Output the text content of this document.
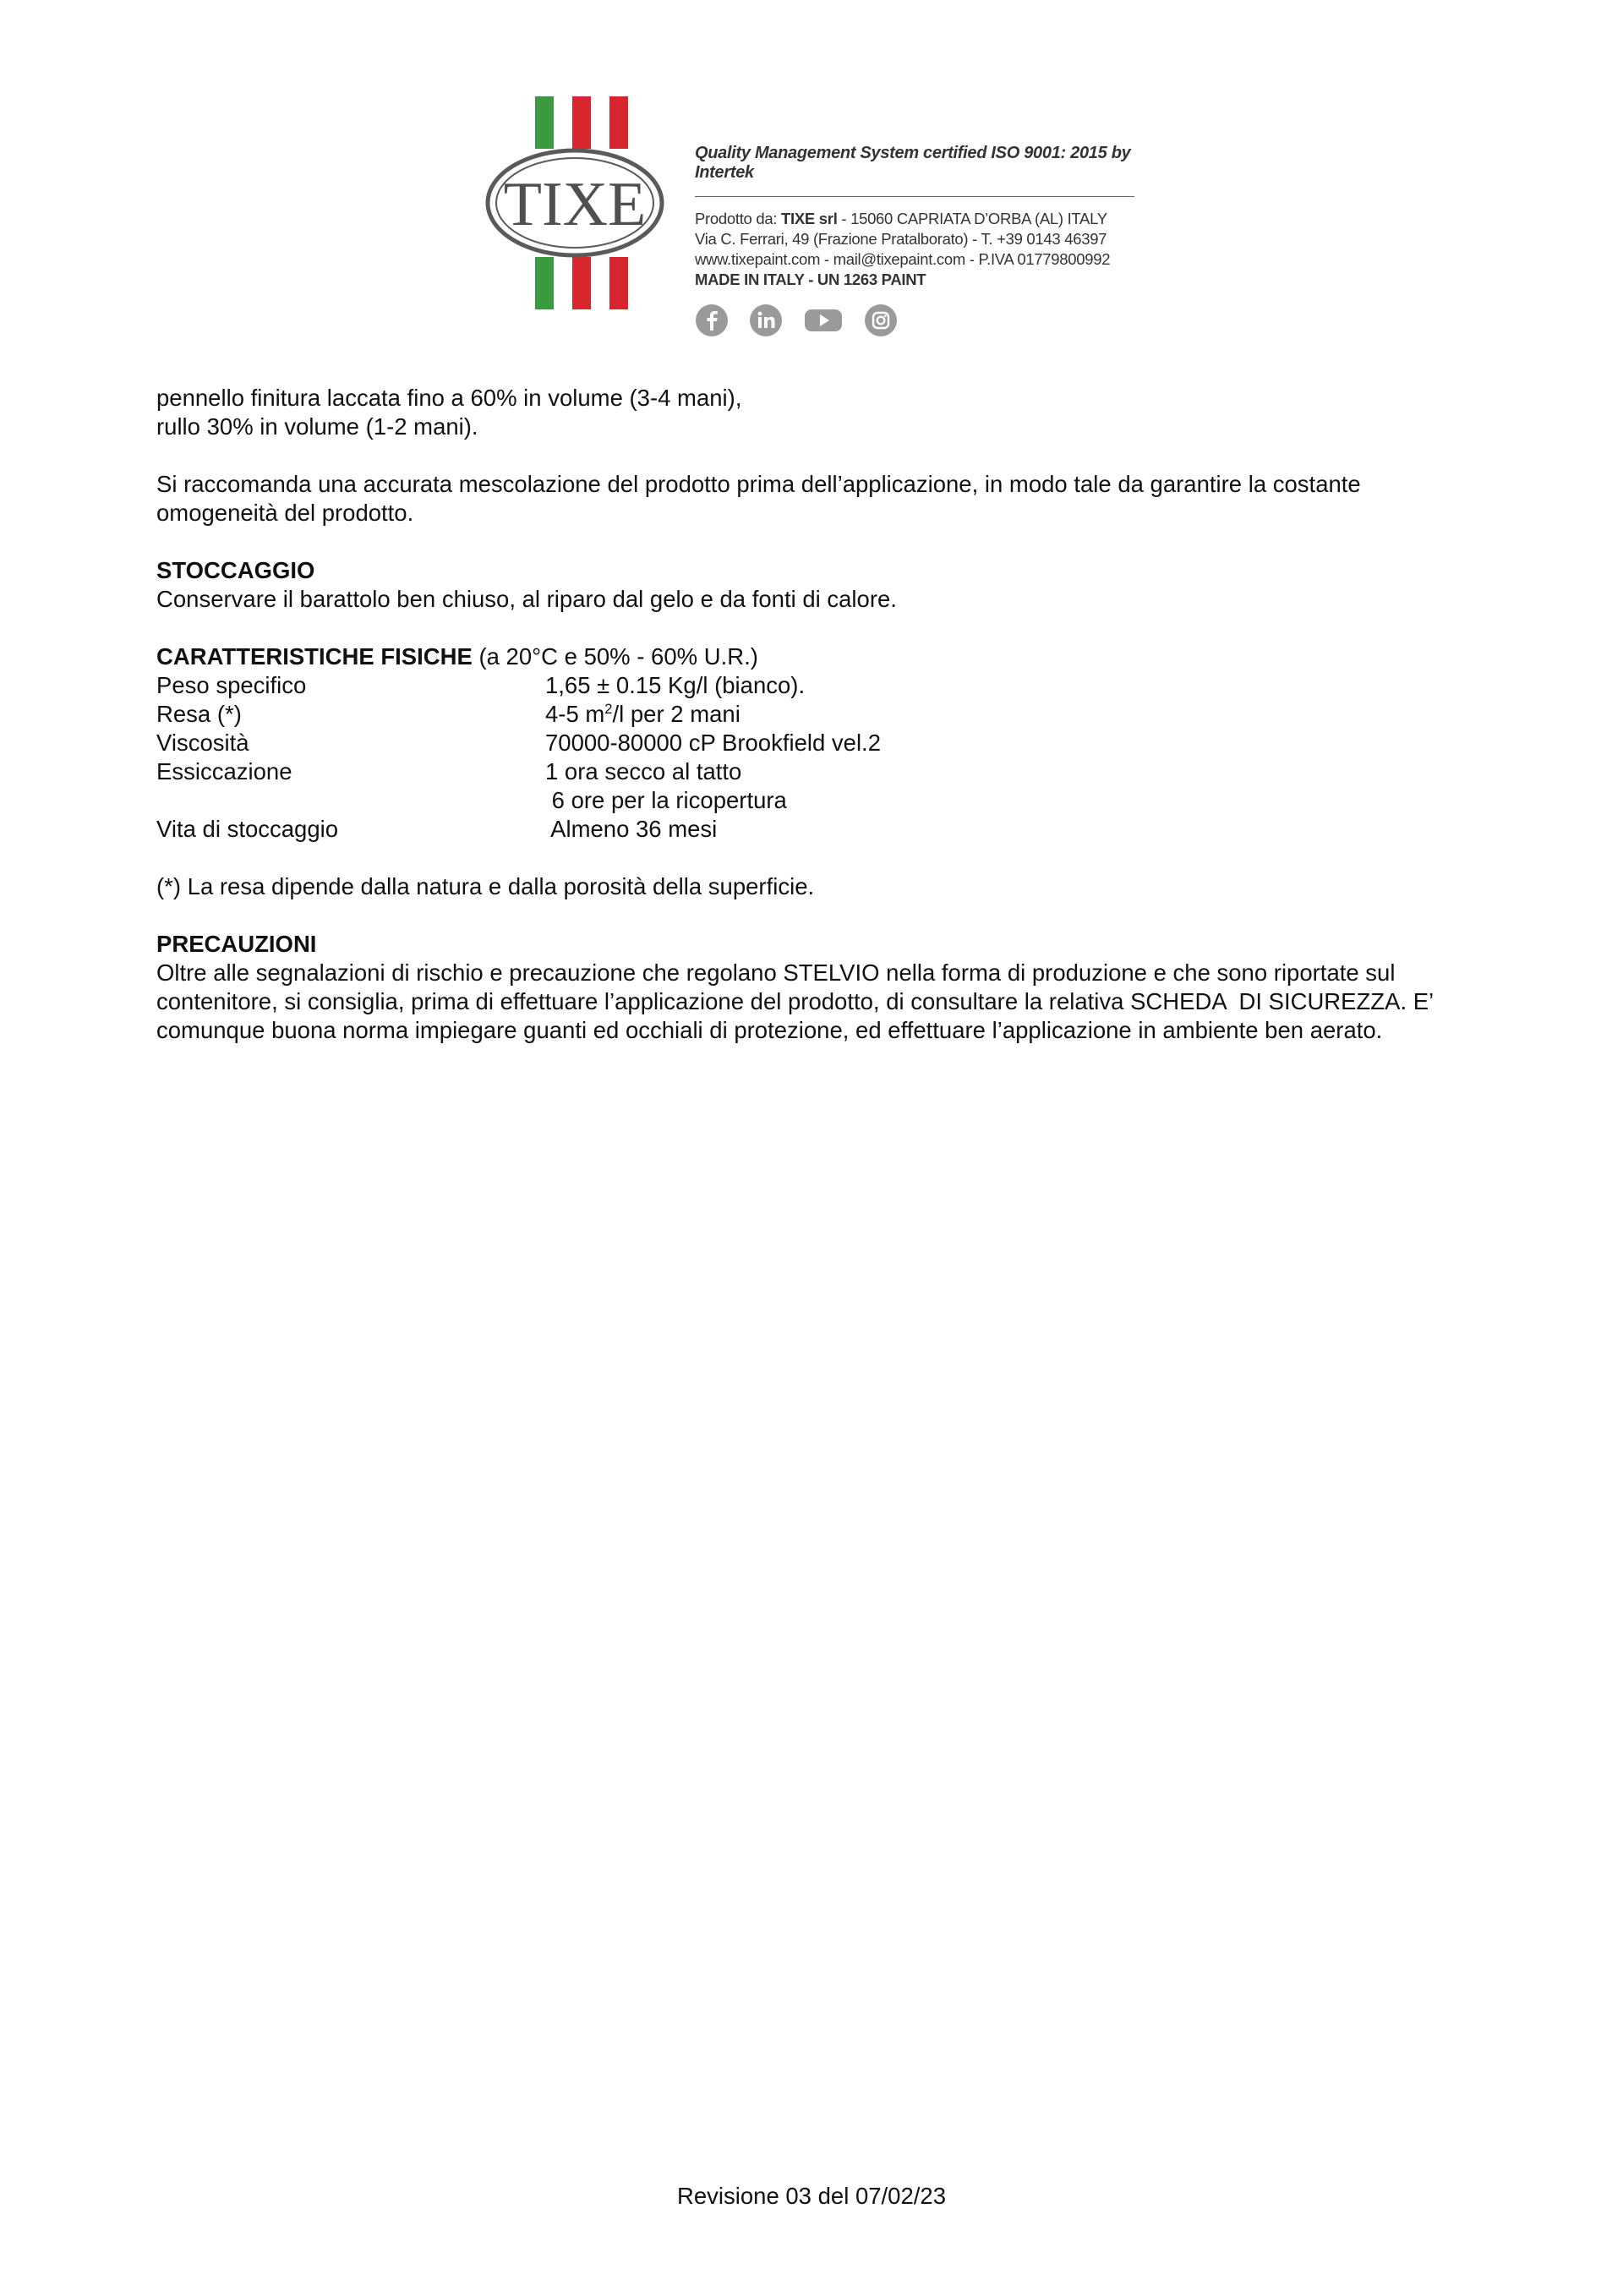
TIXE
Quality Management System certified ISO 9001: 2015 by Intertek
Prodotto da: TIXE srl - 15060 CAPRIATA D’ORBA (AL) ITALY
Via C. Ferrari, 49 (Frazione Pratalborato) - T. +39 0143 46397
www.tixepaint.com - mail@tixepaint.com - P.IVA 01779800992
MADE IN ITALY - UN 1263 PAINT

pennello finitura laccata fino a 60% in volume (3-4 mani),

rullo 30% in volume (1-2 mani).

Si raccomanda una accurata mescolazione del prodotto prima dell’applicazione, in modo tale da garantire la costante omogeneità del prodotto.

STOCCAGGIO

Conservare il barattolo ben chiuso, al riparo dal gelo e da fonti di calore.

CARATTERISTICHE FISICHE (a 20°C e 50% - 60% U.R.)

Peso specifico	1,65 ± 0.15 Kg/l (bianco).
Resa (*)	4-5 $m^2/l$ per 2 mani
Viscosità	70000-80000 cP Brookfield vel.2
Essiccazione	1 ora secco al tatto
6 ore per la ricopertura
Vita di stoccaggio	Almeno 36 mesi

(*) La resa dipende dalla natura e dalla porosità della superficie.

PRECAUZIONI

Oltre alle segnalazioni di rischio e precauzione che regolano STELVIO nella forma di produzione e che sono riportate sul contenitore, si consiglia, prima di effettuare l’applicazione del prodotto, di consultare la relativa SCHEDA  DI SICUREZZA. E’ comunque buona norma impiegare guanti ed occhiali di protezione, ed effettuare l’applicazione in ambiente ben aerato.

Revisione 03 del 07/02/23
